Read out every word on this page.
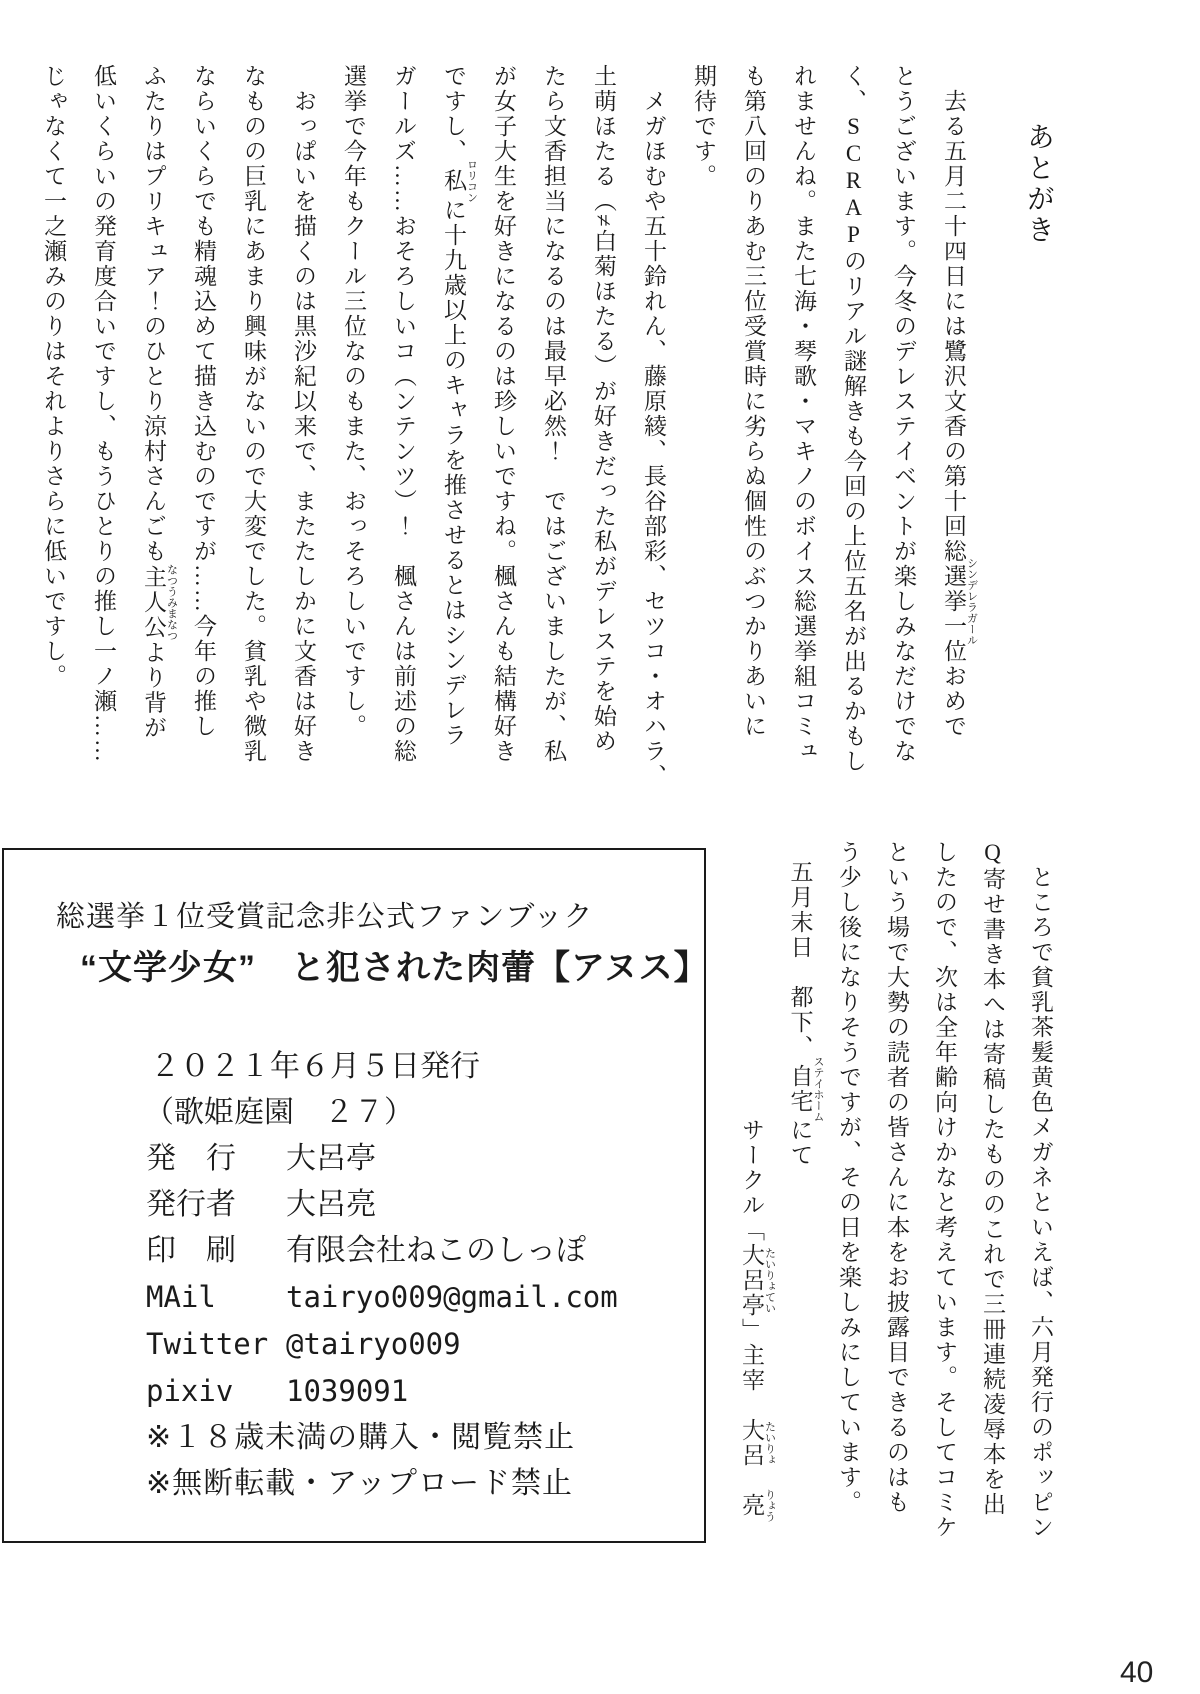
あとがき
　去る五月二十四日には鷺沢文香の第十回総選挙一位 シンデレラガールおめで
とうございます。今冬のデレステイベントが楽しみなだけでな
く、SCRAPのリアル謎解きも今回の上位五名が出るかもし
れませんね。また七海・琴歌・マキノのボイス総選挙組コミュ
も第八回のりあむ三位受賞時に劣らぬ個性のぶつかりあいに
期待です。
　メガほむや五十鈴れん、藤原綾、長谷部彩、セツコ・オハラ、
土萌ほたる（≠白菊ほたる）が好きだった私がデレステを始め
たら文香担当になるのは最早必然！　ではございましたが、私
が女子大生を好きになるのは珍しいですね。楓さんも結構好き
ですし、私 ロリコンに十九歳以上のキャラを推させるとはシンデレラ
ガールズ……おそろしいコ（ンテンツ）！　楓さんは前述の総
選挙で今年もクール三位なのもまた、おっそろしいですし。
　おっぱいを描くのは黒沙紀以来で、またたしかに文香は好き
なものの巨乳にあまり興味がないので大変でした。貧乳や微乳
ならいくらでも精魂込めて描き込むのですが……今年の推し
ふたりはプリキュア！のひとり涼村さんごも主人公 なつうみまなつより背が
低いくらいの発育度合いですし、もうひとりの推し一ノ瀬……
じゃなくて一之瀬みのりはそれよりさらに低いですし。
　ところで貧乳茶髪黄色メガネといえば、六月発行のポッピン
Q寄せ書き本へは寄稿したもののこれで三冊連続凌辱本を出
したので、次は全年齢向けかなと考えています。そしてコミケ
という場で大勢の読者の皆さんに本をお披露目できるのはも
う少し後になりそうですが、その日を楽しみにしています。
五月末日　都下、自宅 ステイホームにて
サークル「大呂亭 たいりょてい」主宰　大呂 たいりょ　亮 りょう
総選挙１位受賞記念非公式ファンブック
“文学少女”　と犯された肉蕾【アヌス】
２０２１年６月５日発行
（歌姫庭園　２７）
発　行 大呂亭
発行者 大呂亮
印　刷 有限会社ねこのしっぽ
MAil tairyo009@gmail.com
Twitter @tairyo009
pixiv 1039091
※１８歳未満の購入・閲覧禁止
※無断転載・アップロード禁止
40
